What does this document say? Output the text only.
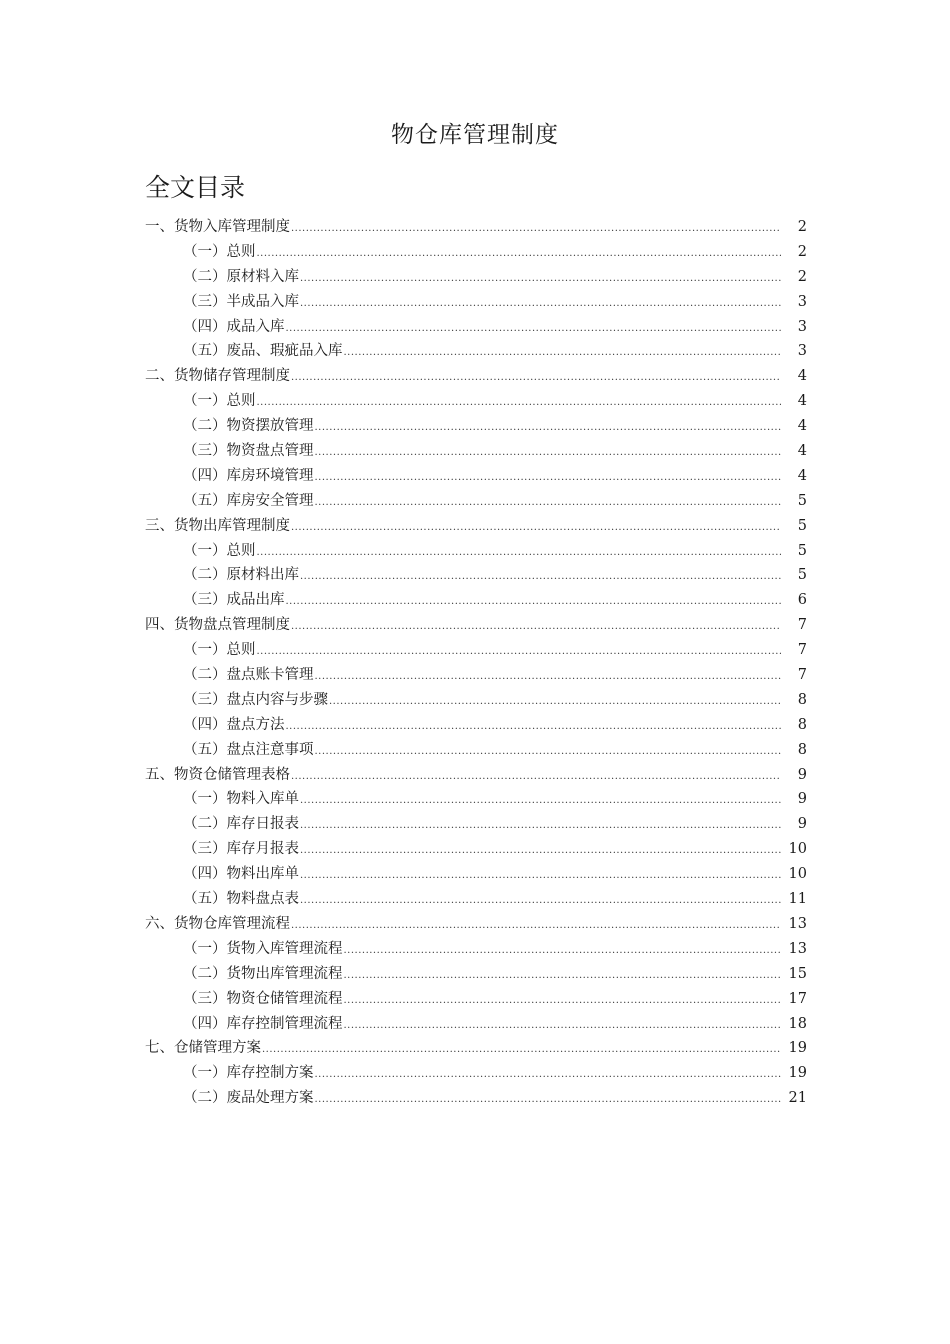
物仓库管理制度
全文目录
一、货物入库管理制度 .....	2
（一）总则 .....	2
（二）原材料入库 .....	2
（三）半成品入库 .....	3
（四）成品入库 .....	3
（五）废品、瑕疵品入库 .....	3
二、货物储存管理制度 .....	4
（一）总则 .....	4
（二）物资摆放管理 .....	4
（三）物资盘点管理 .....	4
（四）库房环境管理 .....	4
（五）库房安全管理 .....	5
三、货物出库管理制度 .....	5
（一）总则 .....	5
（二）原材料出库 .....	5
（三）成品出库 .....	6
四、货物盘点管理制度 .....	7
（一）总则 .....	7
（二）盘点账卡管理 .....	7
（三）盘点内容与步骤 .....	8
（四）盘点方法 .....	8
（五）盘点注意事项 .....	8
五、物资仓储管理表格 .....	9
（一）物料入库单 .....	9
（二）库存日报表 .....	9
（三）库存月报表 .....	10
（四）物料出库单 .....	10
（五）物料盘点表 .....	11
六、货物仓库管理流程 .....	13
（一）货物入库管理流程 .....	13
（二）货物出库管理流程 .....	15
（三）物资仓储管理流程 .....	17
（四）库存控制管理流程 .....	18
七、仓储管理方案 .....	19
（一）库存控制方案 .....	19
（二）废品处理方案 .....	21
